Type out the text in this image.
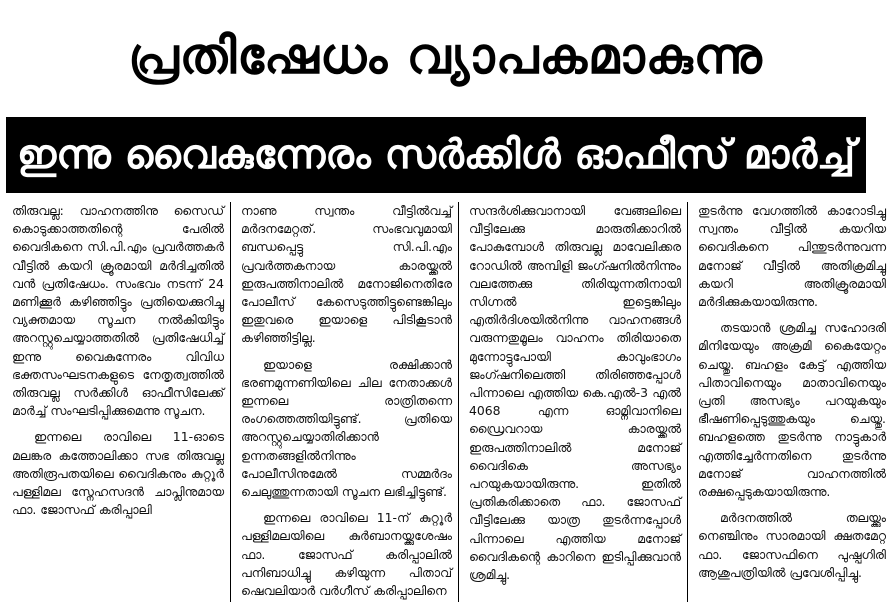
പ്രതിഷേധം വ്യാപകമാകുന്നു
ഇന്നു വൈകുന്നേരം സർക്കിൾ ഓഫീസ് മാർച്ച്

തിരുവല്ല: വാഹനത്തിനു സൈഡ് കൊടുക്കാത്തതിന്റെ പേരിൽ വൈദികനെ സി.പി.എം പ്രവർത്തകർ വീട്ടിൽ കയറി ക്രൂരമായി മർദിച്ചതിൽ വൻ പ്രതിഷേധം. സംഭവം നടന്ന് 24 മണിക്കൂർ കഴിഞ്ഞിട്ടും പ്രതിയെക്കുറിച്ചു വ്യക്തമായ സൂചന നൽകിയിട്ടും അറസ്റ്റുചെയ്യാത്തതിൽ പ്രതിഷേധിച്ച് ഇന്നു വൈകുന്നേരം വിവിധ ഭക്തസംഘടനകളുടെ നേതൃത്വത്തിൽ തിരുവല്ല സർക്കിൾ ഓഫീസിലേക്ക് മാർച്ച് സംഘടിപ്പിക്കുമെന്നു സൂചന.

ഇന്നലെ രാവിലെ 11-ഓടെ മലങ്കര കത്തോലിക്കാ സഭ തിരുവല്ല അതിരൂപതയിലെ വൈദികനും കുറ്റൂർ പള്ളിമല സ്നേഹസദൻ ചാപ്ലിനുമായ ഫാ. ജോസഫ് കരിപ്പാലി

നാണു സ്വന്തം വീട്ടിൽവച്ച് മർദനമേറ്റത്. സംഭവവുമായി ബന്ധപ്പെട്ടു സി.പി.എം പ്രവർത്തകനായ കാരയ്ക്കൽ ഇരുപത്തിനാലിൽ മനോജിനെതിരേ പോലീസ് കേസെടുത്തിട്ടുണ്ടെങ്കിലും ഇതുവരെ ഇയാളെ പിടികൂടാൻ കഴിഞ്ഞിട്ടില്ല.

ഇയാളെ രക്ഷിക്കാൻ ഭരണമുന്നണിയിലെ ചില നേതാക്കൾ ഇന്നലെ രാത്രിതന്നെ രംഗത്തെത്തിയിട്ടുണ്ട്. പ്രതിയെ അറസ്റ്റുചെയ്യാതിരിക്കാൻ ഉന്നതങ്ങളിൽനിന്നും പോലീസിനുമേൽ സമ്മർദം ചെലുത്തുന്നതായി സൂചന ലഭിച്ചിട്ടുണ്ട്.

ഇന്നലെ രാവിലെ 11-ന് കുറ്റൂർ പള്ളിമലയിലെ കുർബാനയ്ക്കുശേഷം ഫാ. ജോസഫ് കരിപ്പാലിൽ പനിബാധിച്ചു കഴിയുന്ന പിതാവ് ഷെവലിയാർ വർഗീസ് കരിപ്പാലിനെ

സന്ദർശിക്കുവാനായി വേങ്ങലിലെ വീട്ടിലേക്കു മാരുതിക്കാറിൽ പോകുമ്പോൾ തിരുവല്ല മാവേലിക്കര റോഡിൽ അമ്പിളി ജംഗ്ഷനിൽനിന്നും വലത്തേക്കു തിരിയുന്നതിനായി സിഗ്നൽ ഇട്ടെങ്കിലും എതിർദിശയിൽനിന്നു വാഹനങ്ങൾ വരുന്നതുമൂലം വാഹനം തിരിയാതെ മുന്നോട്ടുപോയി കാവുംഭാഗം ജംഗ്ഷനിലെത്തി തിരിഞ്ഞപ്പോൾ പിന്നാലെ എത്തിയ കെ.എൽ-3 എൽ 4068 എന്ന ഓമ്നിവാനിലെ ഡ്രൈവറായ കാരയ്ക്കൽ ഇരുപത്തിനാലിൽ മനോജ് വൈദികെ അസഭ്യം പറയുകയായിരുന്നു. ഇതിൽ പ്രതികരിക്കാതെ ഫാ. ജോസഫ് വീട്ടിലേക്കു യാത്ര തുടർന്നപ്പോൾ പിന്നാലെ എത്തിയ മനോജ് വൈദികന്റെ കാറിനെ ഇടിപ്പിക്കുവാൻ ശ്രമിച്ചു.

തുടർന്നു വേഗത്തിൽ കാറോടിച്ചു സ്വന്തം വീട്ടിൽ കയറിയ വൈദികനെ പിന്തുടർന്നുവന്ന മനോജ് വീട്ടിൽ അതിക്രമിച്ചു കയറി അതിക്രൂരമായി മർദിക്കുകയായിരുന്നു.

തടയാൻ ശ്രമിച്ച സഹോദരി മിനിയേയും അക്രമി കൈയേറ്റം ചെയ്തു. ബഹളം കേട്ട് എത്തിയ പിതാവിനെയും മാതാവിനെയും പ്രതി അസഭ്യം പറയുകയും ഭീഷണിപ്പെടുത്തുകയും ചെയ്തു. ബഹളത്തെ തുടർന്നു നാട്ടുകാർ എത്തിച്ചേർന്നതിനെ തുടർന്നു മനോജ് വാഹനത്തിൽ രക്ഷപ്പെടുകയായിരുന്നു.

മർദനത്തിൽ തലയ്ക്കും നെഞ്ചിനും സാരമായി ക്ഷതമേറ്റ ഫാ. ജോസഫിനെ പുഷ്പഗിരി ആശുപത്രിയിൽ പ്രവേശിപ്പിച്ചു.
